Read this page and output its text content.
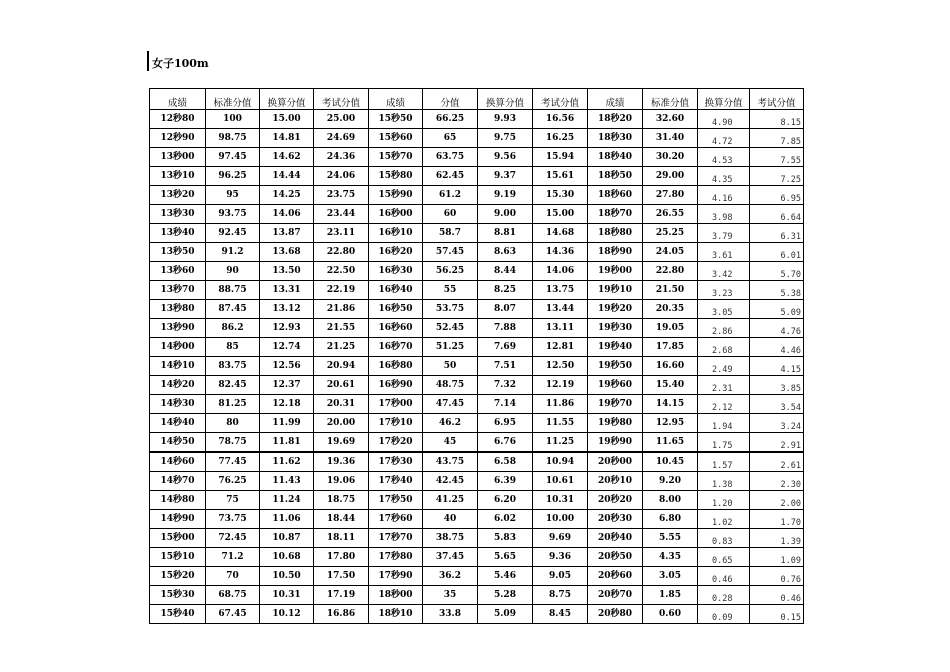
女子100m
成绩	标准分值	换算分值	考试分值	成绩	分值	换算分值	考试分值	成绩	标准分值	换算分值	考试分值
12秒80	100	15.00	25.00	15秒50	66.25	9.93	16.56	18秒20	32.60	4.90	8.15
12秒90	98.75	14.81	24.69	15秒60	65	9.75	16.25	18秒30	31.40	4.72	7.85
13秒00	97.45	14.62	24.36	15秒70	63.75	9.56	15.94	18秒40	30.20	4.53	7.55
13秒10	96.25	14.44	24.06	15秒80	62.45	9.37	15.61	18秒50	29.00	4.35	7.25
13秒20	95	14.25	23.75	15秒90	61.2	9.19	15.30	18秒60	27.80	4.16	6.95
13秒30	93.75	14.06	23.44	16秒00	60	9.00	15.00	18秒70	26.55	3.98	6.64
13秒40	92.45	13.87	23.11	16秒10	58.7	8.81	14.68	18秒80	25.25	3.79	6.31
13秒50	91.2	13.68	22.80	16秒20	57.45	8.63	14.36	18秒90	24.05	3.61	6.01
13秒60	90	13.50	22.50	16秒30	56.25	8.44	14.06	19秒00	22.80	3.42	5.70
13秒70	88.75	13.31	22.19	16秒40	55	8.25	13.75	19秒10	21.50	3.23	5.38
13秒80	87.45	13.12	21.86	16秒50	53.75	8.07	13.44	19秒20	20.35	3.05	5.09
13秒90	86.2	12.93	21.55	16秒60	52.45	7.88	13.11	19秒30	19.05	2.86	4.76
14秒00	85	12.74	21.25	16秒70	51.25	7.69	12.81	19秒40	17.85	2.68	4.46
14秒10	83.75	12.56	20.94	16秒80	50	7.51	12.50	19秒50	16.60	2.49	4.15
14秒20	82.45	12.37	20.61	16秒90	48.75	7.32	12.19	19秒60	15.40	2.31	3.85
14秒30	81.25	12.18	20.31	17秒00	47.45	7.14	11.86	19秒70	14.15	2.12	3.54
14秒40	80	11.99	20.00	17秒10	46.2	6.95	11.55	19秒80	12.95	1.94	3.24
14秒50	78.75	11.81	19.69	17秒20	45	6.76	11.25	19秒90	11.65	1.75	2.91
14秒60	77.45	11.62	19.36	17秒30	43.75	6.58	10.94	20秒00	10.45	1.57	2.61
14秒70	76.25	11.43	19.06	17秒40	42.45	6.39	10.61	20秒10	9.20	1.38	2.30
14秒80	75	11.24	18.75	17秒50	41.25	6.20	10.31	20秒20	8.00	1.20	2.00
14秒90	73.75	11.06	18.44	17秒60	40	6.02	10.00	20秒30	6.80	1.02	1.70
15秒00	72.45	10.87	18.11	17秒70	38.75	5.83	9.69	20秒40	5.55	0.83	1.39
15秒10	71.2	10.68	17.80	17秒80	37.45	5.65	9.36	20秒50	4.35	0.65	1.09
15秒20	70	10.50	17.50	17秒90	36.2	5.46	9.05	20秒60	3.05	0.46	0.76
15秒30	68.75	10.31	17.19	18秒00	35	5.28	8.75	20秒70	1.85	0.28	0.46
15秒40	67.45	10.12	16.86	18秒10	33.8	5.09	8.45	20秒80	0.60	0.09	0.15
